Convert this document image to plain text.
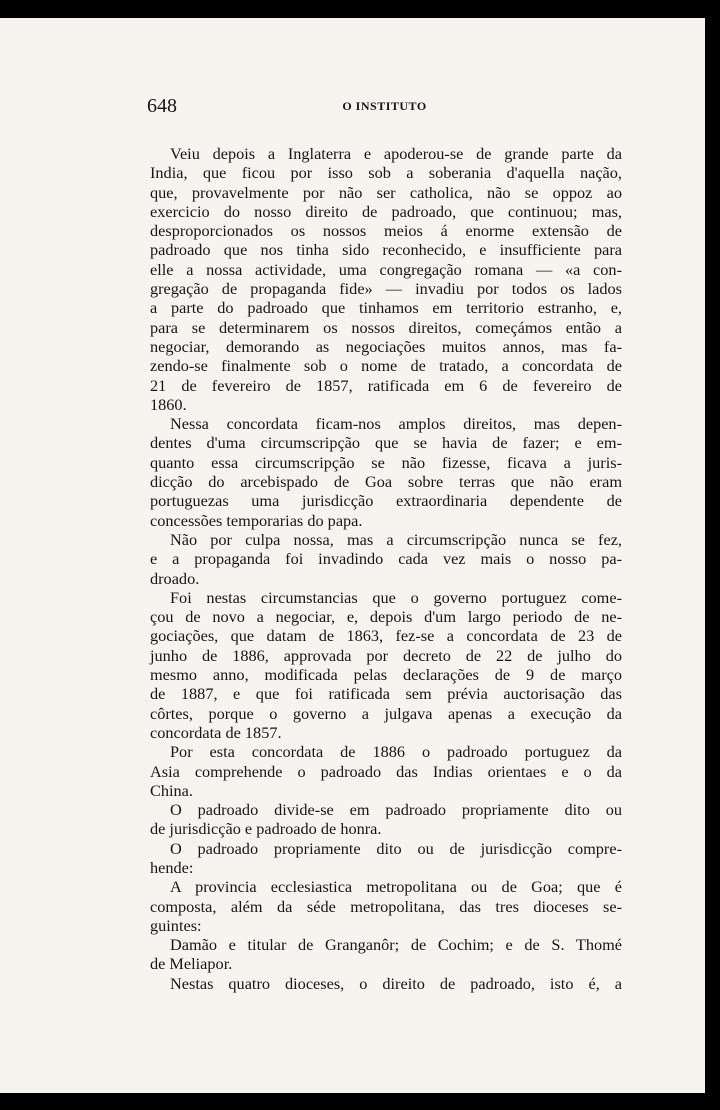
648	O INSTITUTO

Veiu depois a Inglaterra e apoderou-se de grande parte da
India, que ficou por isso sob a soberania d'aquella nação,
que, provavelmente por não ser catholica, não se oppoz ao
exercicio do nosso direito de padroado, que continuou; mas,
desproporcionados os nossos meios á enorme extensão de
padroado que nos tinha sido reconhecido, e insufficiente para
elle a nossa actividade, uma congregação romana — «a con-
gregação de propaganda fide» — invadiu por todos os lados
a parte do padroado que tinhamos em territorio estranho, e,
para se determinarem os nossos direitos, começámos então a
negociar, demorando as negociações muitos annos, mas fa-
zendo-se finalmente sob o nome de tratado, a concordata de
21 de fevereiro de 1857, ratificada em 6 de fevereiro de
1860.

Nessa concordata ficam-nos amplos direitos, mas depen-
dentes d'uma circumscripção que se havia de fazer; e em-
quanto essa circumscripção se não fizesse, ficava a juris-
dicção do arcebispado de Goa sobre terras que não eram
portuguezas uma jurisdicção extraordinaria dependente de
concessões temporarias do papa.

Não por culpa nossa, mas a circumscripção nunca se fez,
e a propaganda foi invadindo cada vez mais o nosso pa-
droado.

Foi nestas circumstancias que o governo portuguez come-
çou de novo a negociar, e, depois d'um largo periodo de ne-
gociações, que datam de 1863, fez-se a concordata de 23 de
junho de 1886, approvada por decreto de 22 de julho do
mesmo anno, modificada pelas declarações de 9 de março
de 1887, e que foi ratificada sem prévia auctorisação das
côrtes, porque o governo a julgava apenas a execução da
concordata de 1857.

Por esta concordata de 1886 o padroado portuguez da
Asia comprehende o padroado das Indias orientaes e o da
China.

O padroado divide-se em padroado propriamente dito ou
de jurisdicção e padroado de honra.

O padroado propriamente dito ou de jurisdicção compre-
hende:

A provincia ecclesiastica metropolitana ou de Goa; que é
composta, além da séde metropolitana, das tres dioceses se-
guintes:

Damão e titular de Granganôr; de Cochim; e de S. Thomé
de Meliapor.

Nestas quatro dioceses, o direito de padroado, isto é, a
